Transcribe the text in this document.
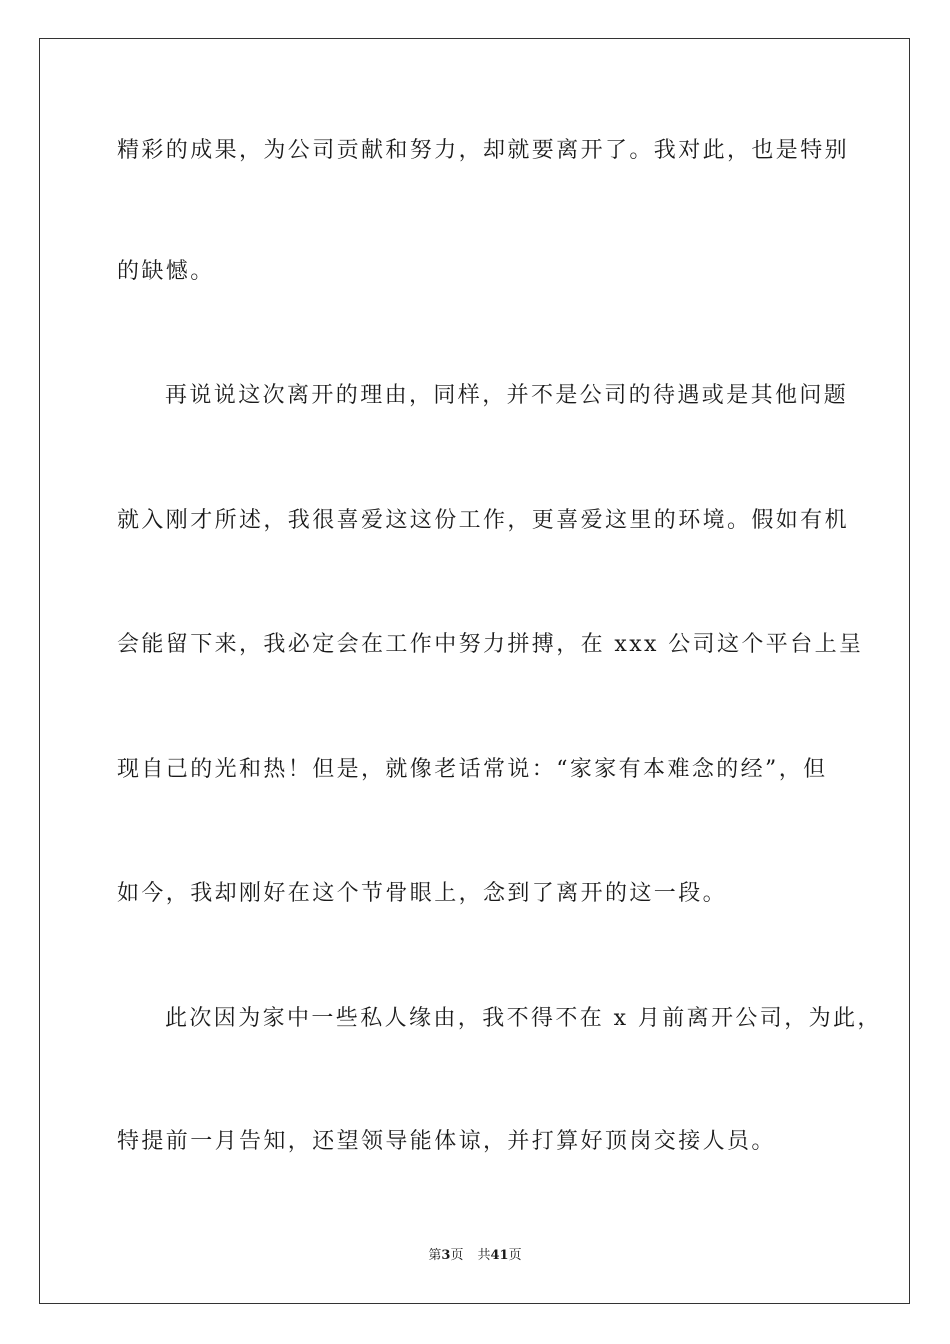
精彩的成果，为公司贡献和努力，却就要离开了。我对此，也是特别
的缺憾。
再说说这次离开的理由，同样，并不是公司的待遇或是其他问题
就入刚才所述，我很喜爱这这份工作，更喜爱这里的环境。假如有机
会能留下来，我必定会在工作中努力拼搏，在 xxx 公司这个平台上呈
现自己的光和热！但是，就像老话常说：“家家有本难念的经”，但
如今，我却刚好在这个节骨眼上，念到了离开的这一段。
此次因为家中一些私人缘由，我不得不在 x 月前离开公司，为此，
特提前一月告知，还望领导能体谅，并打算好顶岗交接人员。
第3页 共41页
